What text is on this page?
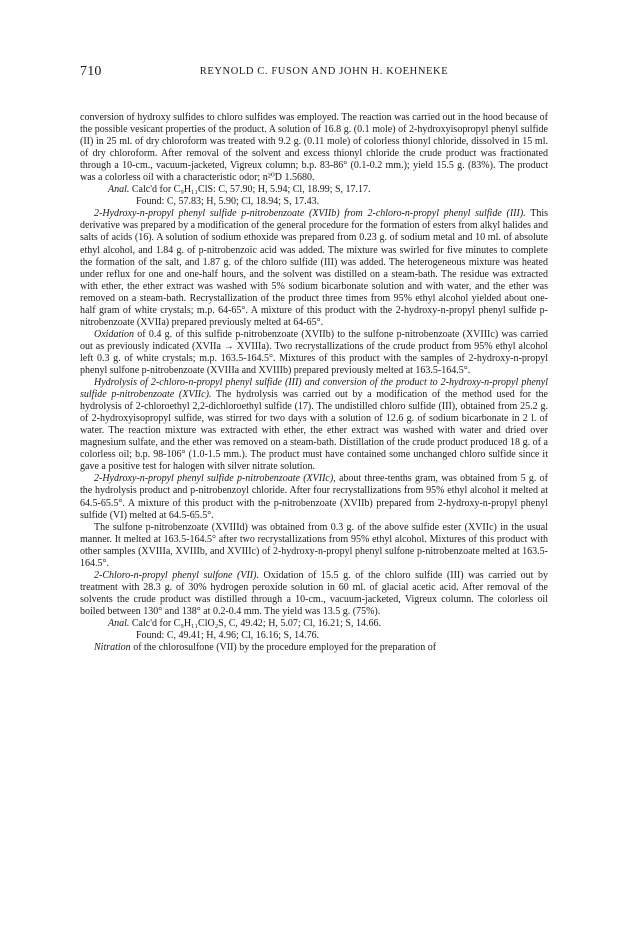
710	REYNOLD C. FUSON AND JOHN H. KOEHNEKE

conversion of hydroxy sulfides to chloro sulfides was employed. The reaction was carried out in the hood because of the possible vesicant properties of the product. A solution of 16.8 g. (0.1 mole) of 2-hydroxyisopropyl phenyl sulfide (II) in 25 ml. of dry chloroform was treated with 9.2 g. (0.11 mole) of colorless thionyl chloride, dissolved in 15 ml. of dry chloroform. After removal of the solvent and excess thionyl chloride the crude product was fractionated through a 10-cm., vacuum-jacketed, Vigreux column; b.p. 83-86° (0.1-0.2 mm.); yield 15.5 g. (83%). The product was a colorless oil with a characteristic odor; n²⁰D 1.5680.

Anal. Calc'd for C₉H₁₁ClS: C, 57.90; H, 5.94; Cl, 18.99; S, 17.17.

Found: C, 57.83; H, 5.90; Cl, 18.94; S, 17.43.

2-Hydroxy-n-propyl phenyl sulfide p-nitrobenzoate (XVIIb) from 2-chloro-n-propyl phenyl sulfide (III). This derivative was prepared by a modification of the general procedure for the formation of esters from alkyl halides and salts of acids (16). A solution of sodium ethoxide was prepared from 0.23 g. of sodium metal and 10 ml. of absolute ethyl alcohol, and 1.84 g. of p-nitrobenzoic acid was added. The mixture was swirled for five minutes to complete the formation of the salt, and 1.87 g. of the chloro sulfide (III) was added. The heterogeneous mixture was heated under reflux for one and one-half hours, and the solvent was distilled on a steam-bath. The residue was extracted with ether, the ether extract was washed with 5% sodium bicarbonate solution and with water, and the ether was removed on a steam-bath. Recrystallization of the product three times from 95% ethyl alcohol yielded about one-half gram of white crystals; m.p. 64-65°. A mixture of this product with the 2-hydroxy-n-propyl phenyl sulfide p-nitrobenzoate (XVIIa) prepared previously melted at 64-65°.

Oxidation of 0.4 g. of this sulfide p-nitrobenzoate (XVIIb) to the sulfone p-nitrobenzoate (XVIIIc) was carried out as previously indicated (XVIIa → XVIIIa). Two recrystallizations of the crude product from 95% ethyl alcohol left 0.3 g. of white crystals; m.p. 163.5-164.5°. Mixtures of this product with the samples of 2-hydroxy-n-propyl phenyl sulfone p-nitrobenzoate (XVIIIa and XVIIIb) prepared previously melted at 163.5-164.5°.

Hydrolysis of 2-chloro-n-propyl phenyl sulfide (III) and conversion of the product to 2-hydroxy-n-propyl phenyl sulfide p-nitrobenzoate (XVIIc). The hydrolysis was carried out by a modification of the method used for the hydrolysis of 2-chloroethyl 2,2-dichloroethyl sulfide (17). The undistilled chloro sulfide (III), obtained from 25.2 g. of 2-hydroxyisopropyl sulfide, was stirred for two days with a solution of 12.6 g. of sodium bicarbonate in 2 l. of water. The reaction mixture was extracted with ether, the ether extract was washed with water and dried over magnesium sulfate, and the ether was removed on a steam-bath. Distillation of the crude product produced 18 g. of a colorless oil; b.p. 98-106° (1.0-1.5 mm.). The product must have contained some unchanged chloro sulfide since it gave a positive test for halogen with silver nitrate solution.

2-Hydroxy-n-propyl phenyl sulfide p-nitrobenzoate (XVIIc), about three-tenths gram, was obtained from 5 g. of the hydrolysis product and p-nitrobenzoyl chloride. After four recrystallizations from 95% ethyl alcohol it melted at 64.5-65.5°. A mixture of this product with the p-nitrobenzoate (XVIIb) prepared from 2-hydroxy-n-propyl phenyl sulfide (VI) melted at 64.5-65.5°.

The sulfone p-nitrobenzoate (XVIIId) was obtained from 0.3 g. of the above sulfide ester (XVIIc) in the usual manner. It melted at 163.5-164.5° after two recrystallizations from 95% ethyl alcohol. Mixtures of this product with other samples (XVIIIa, XVIIIb, and XVIIIc) of 2-hydroxy-n-propyl phenyl sulfone p-nitrobenzoate melted at 163.5-164.5°.

2-Chloro-n-propyl phenyl sulfone (VII). Oxidation of 15.5 g. of the chloro sulfide (III) was carried out by treatment with 28.3 g. of 30% hydrogen peroxide solution in 60 ml. of glacial acetic acid. After removal of the solvents the crude product was distilled through a 10-cm., vacuum-jacketed, Vigreux column. The colorless oil boiled between 130° and 138° at 0.2-0.4 mm. The yield was 13.5 g. (75%).

Anal. Calc'd for C₉H₁₁ClO₂S, C, 49.42; H, 5.07; Cl, 16.21; S, 14.66.

Found: C, 49.41; H, 4.96; Cl, 16.16; S, 14.76.

Nitration of the chlorosulfone (VII) by the procedure employed for the preparation of
